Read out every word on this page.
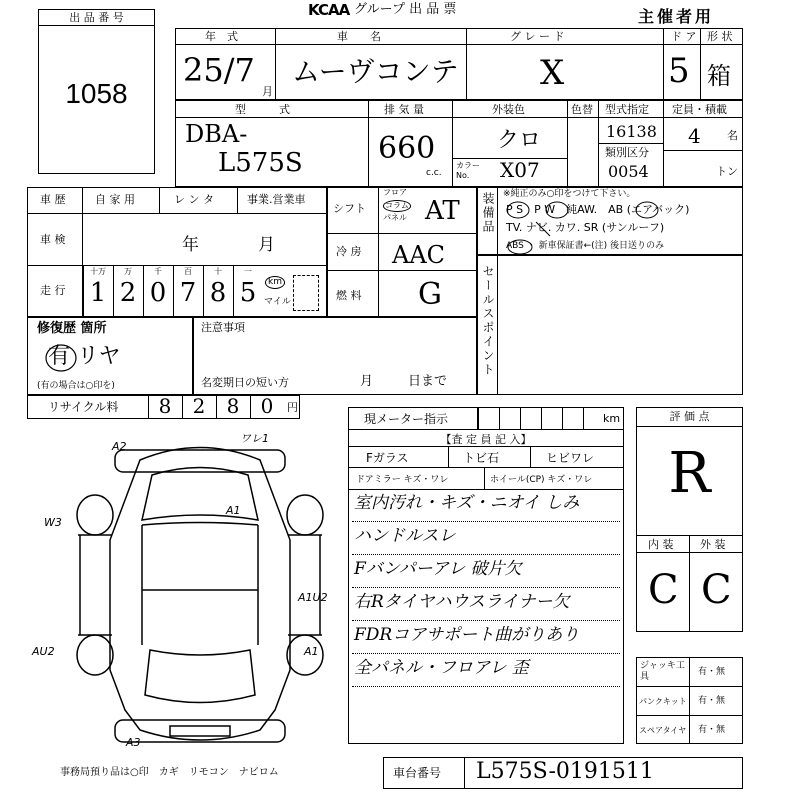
KCAA グループ 出 品 票	主催者用
出 品 番 号
1058
年　式
25/7
月
車　　名
ムーヴコンテ
グ レ ー ド
X
ド ア
5
形 状
箱
型　　　式
DBA-
L575S
排 気 量
660
c.c.
外装色	色替
クロ
カラー No.	X07
型式指定
16138
類別区分
0054
定員・積載
4 名
トン
車 歴	自 家 用	レ ン タ	事業.営業車
車 検	年	月
走 行
km
マイル
シフト
フロア
コラム
パネル AT
冷 房 AAC
燃 料 G
装備品 ※純正のみ○印をつけて下さい。
P S　P W　純AW.　AB (エアバック)
TV. ナビ. カワ. SR (サンルーフ)
ABS ・ 新車保証書←(注) 後日送りのみ
セールスポイント
修復歴 箇所
有 リヤ
(有の場合は○印を)
注意事項
名変期日の短い方	月	日まで
リサイクル料	円
A2
ワレ1
W3
A1
A1U2
AU2	A1
A3
現メーター指示	km
【査 定 員 記 入】
Fガラス	トビ石	ヒビワレ
ドアミラー キズ・ワレ	ホイール(CP) キズ・ワレ
評 価 点
R
内 装 外 装
C C
ジャッキ工具	有・無
パンクキット 有・無
スペアタイヤ 有・無
事務局預り品は○印　カギ　リモコン　ナビロム	車台番号 L575S-0191511
十万
1
万
2
千
0
百
7
十
8
一
5
8	2	8	0
室内汚れ・キズ・ニオイ しみ
ハンドルスレ
Fバンパーアレ 破片欠
右Rタイヤハウスライナー欠
FDRコアサポート曲がりあり
全パネル・フロアレ 歪
